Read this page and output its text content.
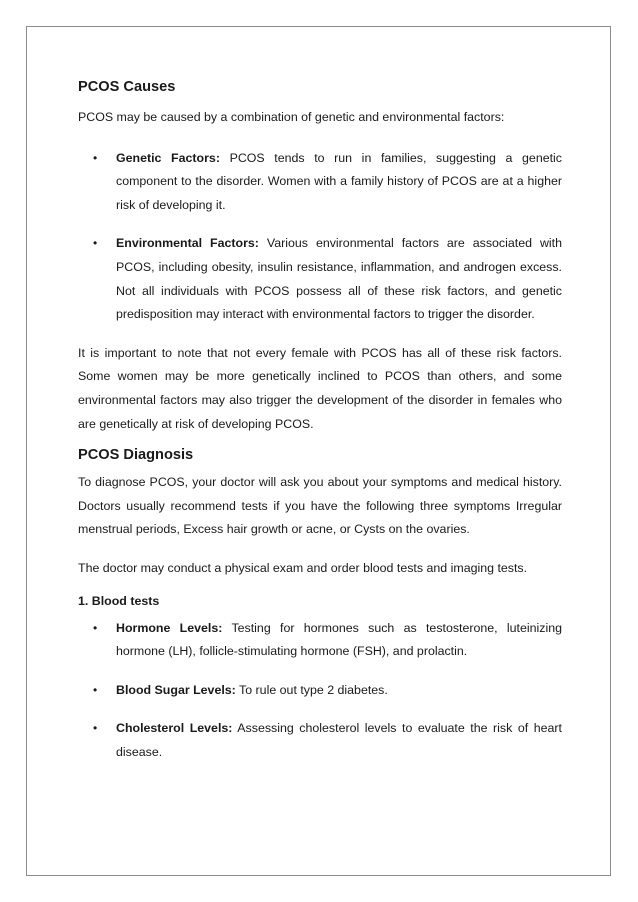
PCOS Causes

PCOS may be caused by a combination of genetic and environmental factors:

• Genetic Factors: PCOS tends to run in families, suggesting a genetic component to the disorder. Women with a family history of PCOS are at a higher risk of developing it.
• Environmental Factors: Various environmental factors are associated with PCOS, including obesity, insulin resistance, inflammation, and androgen excess. Not all individuals with PCOS possess all of these risk factors, and genetic predisposition may interact with environmental factors to trigger the disorder.

It is important to note that not every female with PCOS has all of these risk factors. Some women may be more genetically inclined to PCOS than others, and some environmental factors may also trigger the development of the disorder in females who are genetically at risk of developing PCOS.

PCOS Diagnosis

To diagnose PCOS, your doctor will ask you about your symptoms and medical history. Doctors usually recommend tests if you have the following three symptoms Irregular menstrual periods, Excess hair growth or acne, or Cysts on the ovaries.

The doctor may conduct a physical exam and order blood tests and imaging tests.

1. Blood tests
• Hormone Levels: Testing for hormones such as testosterone, luteinizing hormone (LH), follicle-stimulating hormone (FSH), and prolactin.
• Blood Sugar Levels: To rule out type 2 diabetes.
• Cholesterol Levels: Assessing cholesterol levels to evaluate the risk of heart disease.
